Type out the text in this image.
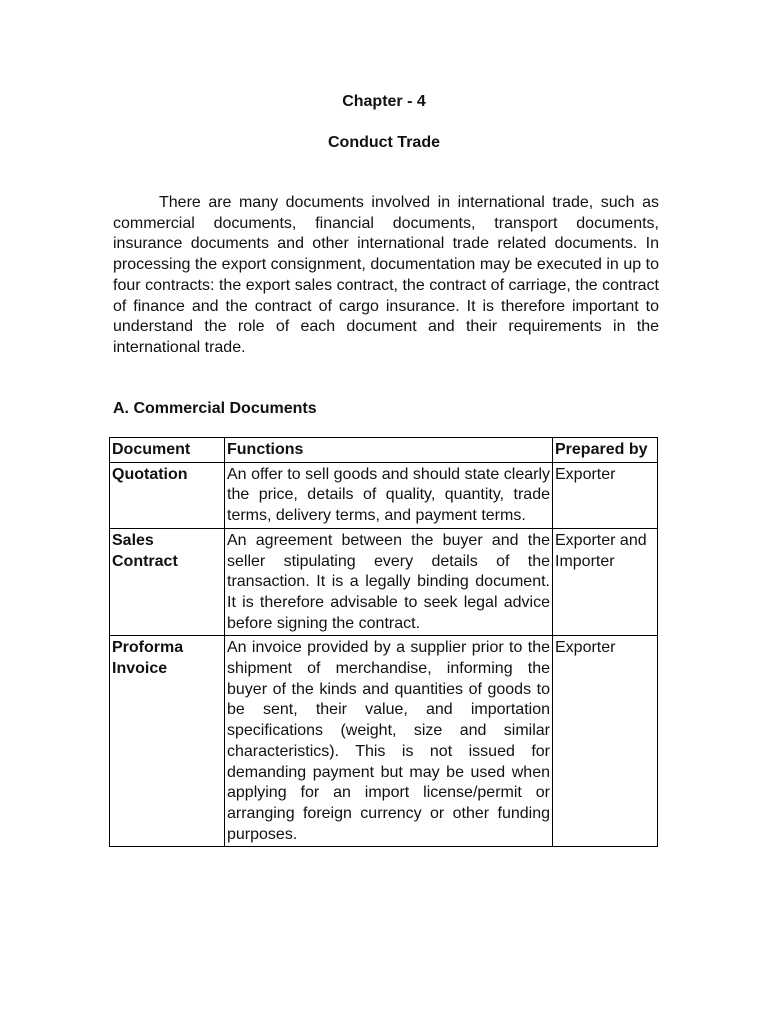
Chapter - 4
Conduct Trade

There are many documents involved in international trade, such as commercial documents, financial documents, transport documents, insurance documents and other international trade related documents. In processing the export consignment, documentation may be executed in up to four contracts: the export sales contract, the contract of carriage, the contract of finance and the contract of cargo insurance. It is therefore important to understand the role of each document and their requirements in the international trade.

A. Commercial Documents
Document	Functions	Prepared by
Quotation	An offer to sell goods and should state clearly the price, details of quality, quantity, trade terms, delivery terms, and payment terms.	Exporter
Sales Contract	An agreement between the buyer and the seller stipulating every details of the transaction. It is a legally binding document. It is therefore advisable to seek legal advice before signing the contract.	Exporter and Importer
Proforma Invoice	An invoice provided by a supplier prior to the shipment of merchandise, informing the buyer of the kinds and quantities of goods to be sent, their value, and importation specifications (weight, size and similar characteristics). This is not issued for demanding payment but may be used when applying for an import license/permit or arranging foreign currency or other funding purposes.	Exporter
